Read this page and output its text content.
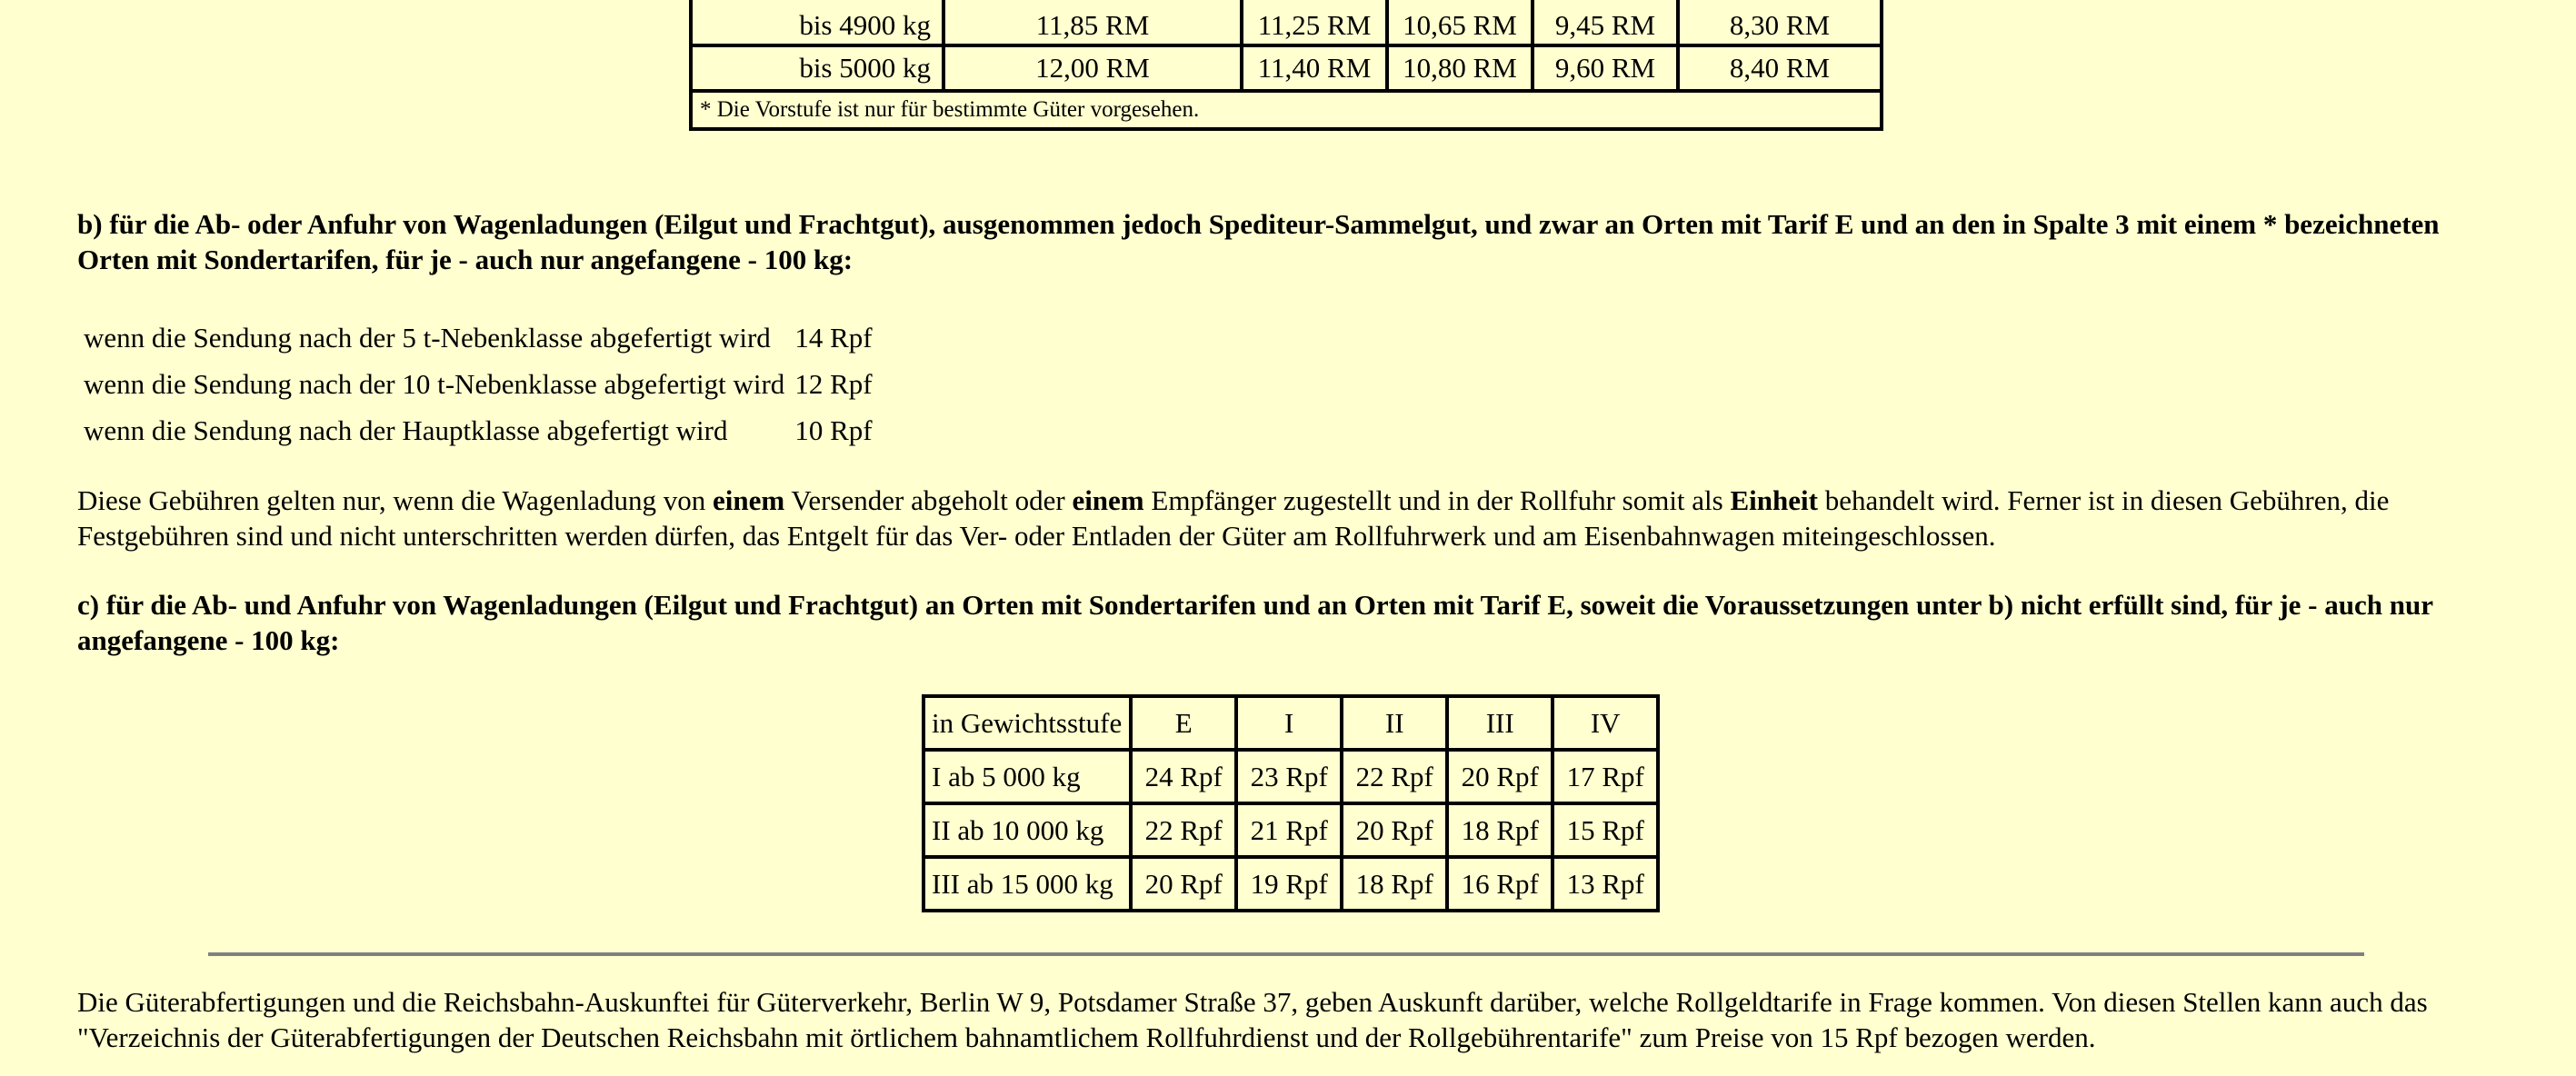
bis 4900 kg	11,85 RM	11,25 RM	10,65 RM	9,45 RM	8,30 RM
bis 5000 kg	12,00 RM	11,40 RM	10,80 RM	9,60 RM	8,40 RM
* Die Vorstufe ist nur für bestimmte Güter vorgesehen.					

b) für die Ab- oder Anfuhr von Wagenladungen (Eilgut und Frachtgut), ausgenommen jedoch Spediteur-Sammelgut, und zwar an Orten mit Tarif E und an den in Spalte 3 mit einem * bezeichneten Orten mit Sondertarifen, für je - auch nur angefangene - 100 kg:

wenn die Sendung nach der 5 t-Nebenklasse abgefertigt wird	14 Rpf
wenn die Sendung nach der 10 t-Nebenklasse abgefertigt wird	12 Rpf
wenn die Sendung nach der Hauptklasse abgefertigt wird	10 Rpf

Diese Gebühren gelten nur, wenn die Wagenladung von einem Versender abgeholt oder einem Empfänger zugestellt und in der Rollfuhr somit als Einheit behandelt wird. Ferner ist in diesen Gebühren, die Festgebühren sind und nicht unterschritten werden dürfen, das Entgelt für das Ver- oder Entladen der Güter am Rollfuhrwerk und am Eisenbahnwagen miteingeschlossen.

c) für die Ab- und Anfuhr von Wagenladungen (Eilgut und Frachtgut) an Orten mit Sondertarifen und an Orten mit Tarif E, soweit die Voraussetzungen unter b) nicht erfüllt sind, für je - auch nur angefangene - 100 kg:

in Gewichtsstufe	E	I	II	III	IV
I ab 5 000 kg	24 Rpf	23 Rpf	22 Rpf	20 Rpf	17 Rpf
II ab 10 000 kg	22 Rpf	21 Rpf	20 Rpf	18 Rpf	15 Rpf
III ab 15 000 kg	20 Rpf	19 Rpf	18 Rpf	16 Rpf	13 Rpf

Die Güterabfertigungen und die Reichsbahn-Auskunftei für Güterverkehr, Berlin W 9, Potsdamer Straße 37, geben Auskunft darüber, welche Rollgeldtarife in Frage kommen. Von diesen Stellen kann auch das "Verzeichnis der Güterabfertigungen der Deutschen Reichsbahn mit örtlichem bahnamtlichem Rollfuhrdienst und der Rollgebührentarife" zum Preise von 15 Rpf bezogen werden.
